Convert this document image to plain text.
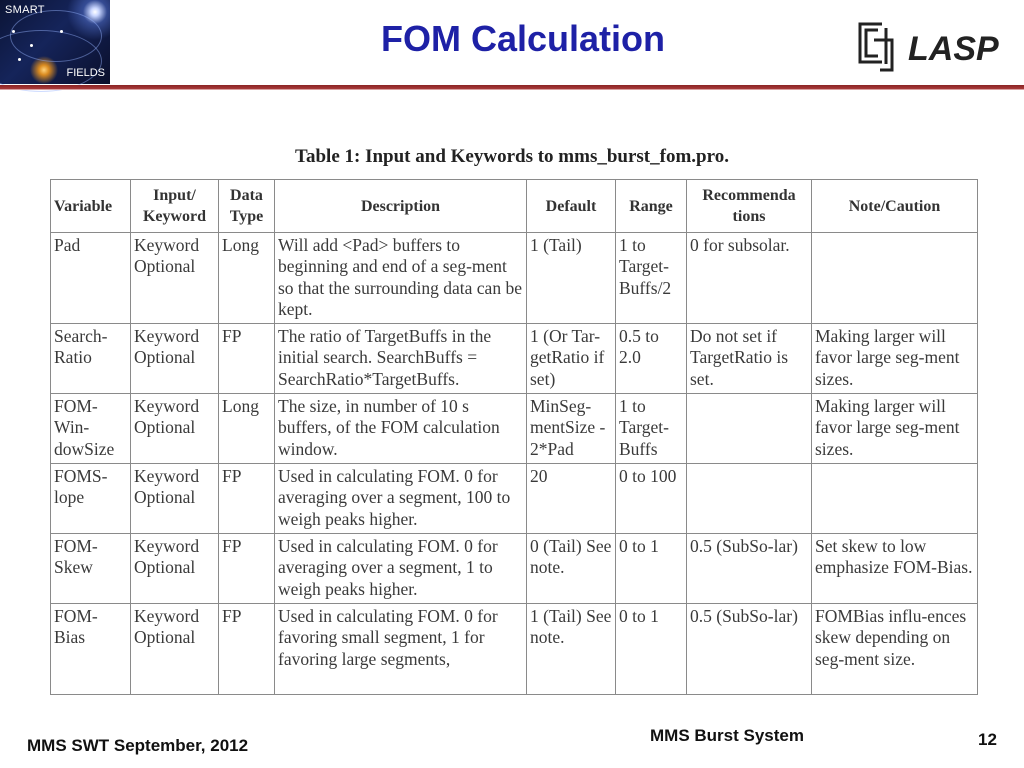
SMART
FIELDS
FOM Calculation	LASP
Table 1: Input and Keywords to mms_burst_fom.pro.
Variable	Input/ Keyword	Data Type	Description	Default	Range	Recommenda tions	Note/Caution
Pad	Keyword Optional	Long	Will add <Pad> buffers to beginning and end of a seg-ment so that the surrounding data can be kept.	1 (Tail)	1 to Target-Buffs/2	0 for subsolar.	
Search-Ratio	Keyword Optional	FP	The ratio of TargetBuffs in the initial search. SearchBuffs = SearchRatio*TargetBuffs.	1 (Or Tar-getRatio if set)	0.5 to 2.0	Do not set if TargetRatio is set.	Making larger will favor large seg-ment sizes.
FOM-Win-dowSize	Keyword Optional	Long	The size, in number of 10 s buffers, of the FOM calculation window.	MinSeg-mentSize - 2*Pad	1 to Target-Buffs		Making larger will favor large seg-ment sizes.
FOMS-lope	Keyword Optional	FP	Used in calculating FOM. 0 for averaging over a segment, 100 to weigh peaks higher.	20	0 to 100		
FOM-Skew	Keyword Optional	FP	Used in calculating FOM. 0 for averaging over a segment, 1 to weigh peaks higher.	0 (Tail) See note.	0 to 1	0.5 (SubSo-lar)	Set skew to low emphasize FOM-Bias.
FOM-Bias	Keyword Optional	FP	Used in calculating FOM. 0 for favoring small segment, 1 for favoring large segments,	1 (Tail) See note.	0 to 1	0.5 (SubSo-lar)	FOMBias influ-ences skew depending on seg-ment size.
MMS SWT September, 2012
MMS Burst System	12
